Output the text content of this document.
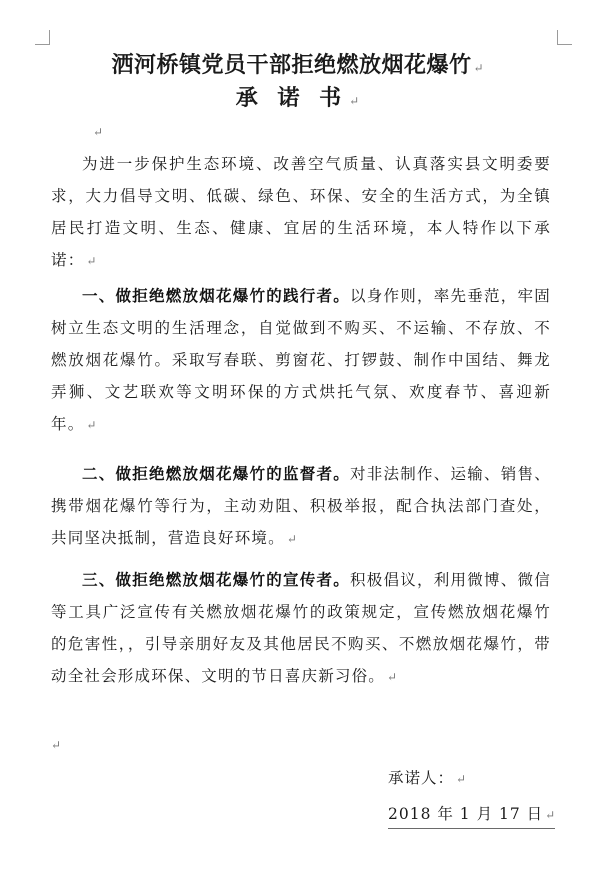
洒河桥镇党员干部拒绝燃放烟花爆竹 ↵
承 诺 书 ↵
↵

为进一步保护生态环境、改善空气质量、认真落实县文明委要求，大力倡导文明、低碳、绿色、环保、安全的生活方式，为全镇居民打造文明、生态、健康、宜居的生活环境，本人特作以下承诺： ↵

一、做拒绝燃放烟花爆竹的践行者。以身作则，率先垂范，牢固树立生态文明的生活理念，自觉做到不购买、不运输、不存放、不燃放烟花爆竹。采取写春联、剪窗花、打锣鼓、制作中国结、舞龙弄狮、文艺联欢等文明环保的方式烘托气氛、欢度春节、喜迎新年。 ↵

二、做拒绝燃放烟花爆竹的监督者。对非法制作、运输、销售、携带烟花爆竹等行为，主动劝阻、积极举报，配合执法部门查处，共同坚决抵制，营造良好环境。 ↵

三、做拒绝燃放烟花爆竹的宣传者。积极倡议，利用微博、微信等工具广泛宣传有关燃放烟花爆竹的政策规定，宣传燃放烟花爆竹的危害性，，引导亲朋好友及其他居民不购买、不燃放烟花爆竹，带动全社会形成环保、文明的节日喜庆新习俗。 ↵

↵
承诺人： ↵
2018 年 1 月 17 日 ↵
